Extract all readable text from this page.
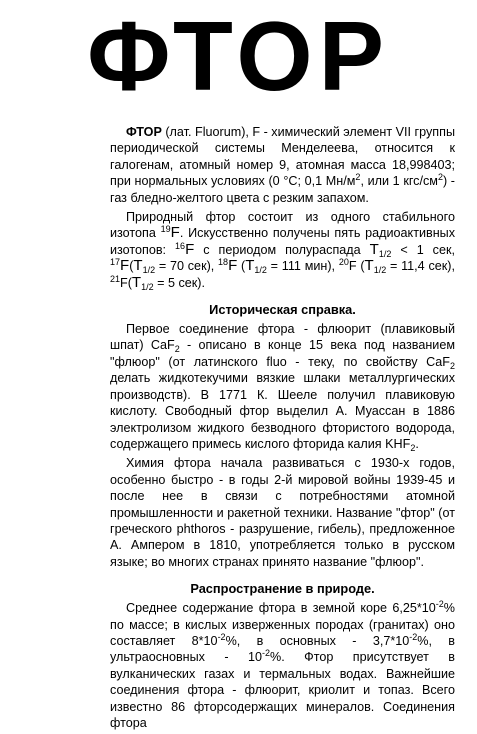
ФТОР

ФТОР (лат. Fluorum), F - химический элемент VII группы периодической системы Менделеева, относится к галогенам, атомный номер 9, атомная масса 18,998403; при нормальных условиях (0 °С; 0,1 $Мн/м^2$, или 1 кгс/$см^2$) - газ бледно-желтого цвета с резким запахом.

Природный фтор состоит из одного стабильного изотопа $^{19}$F. Искусственно получены пять радиоактивных изотопов: $^{16}$F с периодом полураспада $T_{1/2} < 1$ сек, $^{17}F(T_{1/2} = 70$ сек), $^{18}$F ($T_{1/2} = 111$ мин), $^{20}$F ($T_{1/2} = 11,4$ сек), $^{21}F(T_{1/2} = 5$ сек).

Историческая справка.

Первое соединение фтора - флюорит (плавиковый шпат) CaF$_2$ - описано в конце 15 века под названием "флюор" (от латинского fluo - теку, по свойству CaF$_2$ делать жидкотекучими вязкие шлаки металлургических производств). В 1771 К. Шееле получил плавиковую кислоту. Свободный фтор выделил А. Муассан в 1886 электролизом жидкого безводного фтористого водорода, содержащего примесь кислого фторида калия $KHF_2$.

Химия фтора начала развиваться с 1930-х годов, особенно быстро - в годы 2-й мировой войны 1939-45 и после нее в связи с потребностями атомной промышленности и ракетной техники. Название "фтор" (от греческого phthoros - разрушение, гибель), предложенное А. Ампером в 1810, употребляется только в русском языке; во многих странах принято название "флюор".

Распространение в природе.

Среднее содержание фтора в земной коре $6,25*10^{-2}\%$ по массе; в кислых изверженных породах (гранитах) оно составляет $8*10^{-2}\%$, в основных - $3,7*10^{-2}\%$, в ультраосновных - $10^{-2}\%$. Фтор присутствует в вулканических газах и термальных водах. Важнейшие соединения фтора - флюорит, криолит и топаз. Всего известно 86 фторсодержащих минералов. Соединения фтора
